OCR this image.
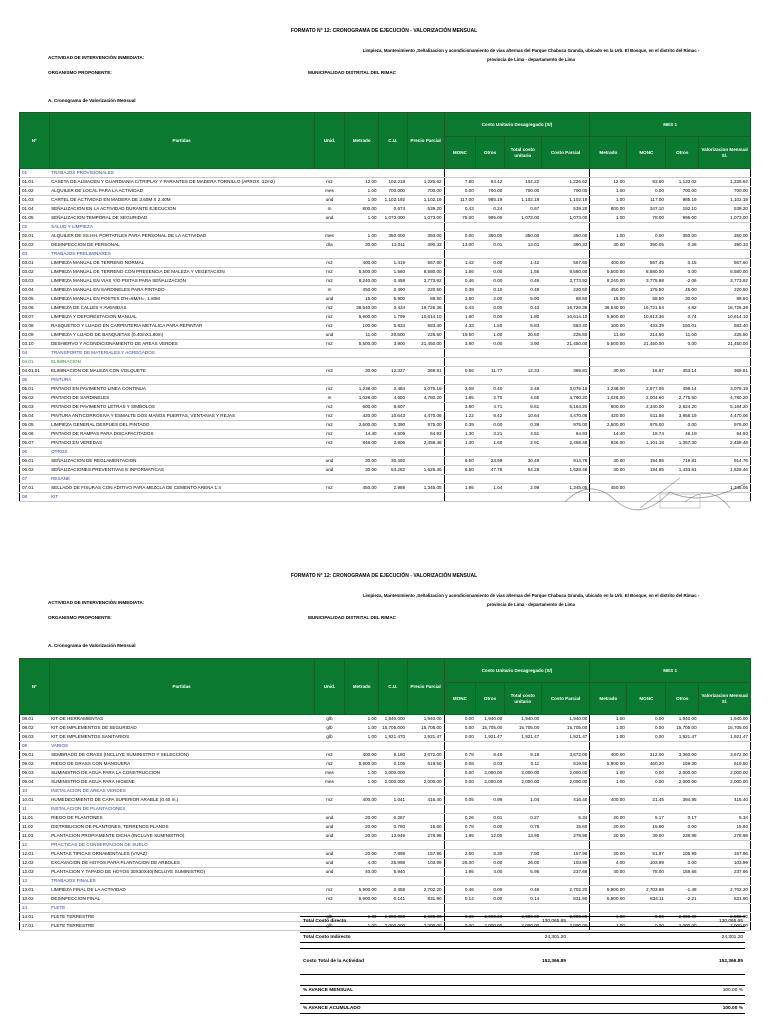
FORMATO N° 12: CRONOGRAMA DE EJECUCIÓN - VALORIZACIÓN MENSUAL
Limpieza, Mantenimiento ,Señalizacion y acondicionamiento de vias alternas del Parque Chabuca Granda, ubicado en la Urb. El Bosque, en el distrito del Rimac -
provincia de Lima - departamento de Lima
ACTIVIDAD DE INTERVENCIÓN INMEDIATA:
ORGANISMO PROPONENTE:	MUNICIPALIDAD DISTRITAL DEL RIMAC
A. Cronograma de Valorización Mensual
N°	Partidas	Unid.	Metrado	C.U.	Precio Parcial	Costo Unitario Desagregado (S/)				MES 1			
						MONC	Otros	Total costo unitario	Costo Parcial	Metrado	MONC	Otros	Valorizacion Mensual S/.
01	TRABAJOS PROVISIONALES												
01.01	CASETA DE ALMACEN Y GUARDIANIA C/TRIPLAY Y PARANTES DE MADERA TORNILLO (APROX. 12m2)	m2	12.00	102.218	1,226.62	7.80	94.42	102.22	1,226.62	12.00	93.60	1,133.02	1,226.62
01.02	ALQUILER DE LOCAL PARA LA ACTIVIDAD	mes	1.00	700.000	700.00	0.00	700.00	700.00	700.00	1.00	0.00	700.00	700.00
01.03	CARTEL DE ACTIVIDAD EN MADERA DE 3.60M X 2.40M	und	1.00	1,102.192	1,102.19	117.00	985.19	1,102.19	1,102.19	1.00	117.00	985.19	1,102.19
01.04	SEÑALIZACION EN LA ACTIVIDAD DURANTE EJECUCION	m	800.00	0.674	539.20	0.43	0.24	0.67	539.20	800.00	347.10	192.10	539.20
01.05	SEÑALIZACION TEMPORAL DE SEGURIDAD	und	1.00	1,073.000	1,073.00	78.00	995.00	1,073.00	1,073.00	1.00	78.00	995.00	1,073.00
02	SALUD Y LIMPIEZA												
02.01	ALQUILER DE SS.HH. PORTATILES PARA PERSONAL DE LA ACTIVIDAD	mes	1.00	350.000	350.00	0.00	350.00	350.00	350.00	1.00	0.00	350.00	350.00
02.02	DESINFECCION DE PERSONAL	día	30.00	13.011	390.33	13.00	0.01	13.01	390.33	30.00	390.05	0.28	390.33
03	TRABAJOS PRELIMINARES												
03.01	LIMPIEZA MANUAL DE TERRENO NORMAL	m2	400.00	1.419	567.60	1.42	0.00	1.42	567.60	400.00	567.45	0.15	567.60
03.02	LIMPIEZA MANUAL DE TERRENO CON PRESENCIA DE MALEZA Y VEGETACION	m2	5,500.00	1.560	8,580.00	1.56	0.00	1.56	8,580.00	5,500.00	8,580.00	0.00	8,580.00
03.03	LIMPIEZA MANUAL EN VIAS Y/O PISTAS PARA SEÑALIZACION	m2	8,240.00	0.458	3,773.92	0.46	0.00	0.46	3,773.92	8,240.00	3,775.98	-2.06	3,773.92
03.04	LIMPIEZA MANUAL EN SARDINELES PARA PINTADO	m	450.00	0.490	220.50	0.39	0.10	0.49	220.50	450.00	175.50	45.00	220.50
03.05	LIMPIEZA MANUAL EN POSTES D'H=8M/H=, 1.80M	und	15.00	5.900	88.50	3.90	2.00	5.90	88.50	15.00	58.50	30.00	88.50
03.06	LIMPIEZA DE CALLES Y AVENIDAS	m2	38,540.00	0.434	16,726.36	0.43	0.00	0.43	16,726.36	38,540.00	16,721.54	4.82	16,726.36
03.07	LIMPIEZA Y DEFORESTACION MANUAL	m2	5,900.00	1.799	10,614.10	1.80	0.00	1.80	10,614.10	5,900.00	10,613.36	0.74	10,614.10
03.08	RASQUETEO Y LIJADO EN CARPINTERIA METÁLICA PARA REPINTAR	m2	100.00	5.834	583.40	4.33	1.50	5.83	583.40	100.00	433.39	150.01	583.40
03.09	LIMPIEZA Y LIJADO DE BANQUETAS (0.40mX1.80m)	und	11.00	20.500	225.50	19.50	1.00	20.50	225.50	11.00	214.50	11.00	225.50
03.10	DESHIERVO Y ACONDICIONAMIENTO DE AREAS VERDES	m2	5,500.00	3.900	21,450.00	3.90	0.00	3.90	21,450.00	5,500.00	21,450.00	0.00	21,450.00
04	TRANSPORTE DE MATERIALES Y AGREGADOS												
04.01	ELIMINACION												
04.01.01	ELIMINACION DE MALEZA CON VOLQUETE	m3	30.00	12.327	369.81	0.56	11.77	12.33	369.81	30.00	16.67	353.14	369.81
05	PINTURA												
05.01	PINTADO EN PAVIMENTO LINEA CONTINUA	m2	1,238.00	2.484	3,075.19	2.08	0.40	2.48	3,075.19	1,238.00	2,577.05	498.14	3,075.19
05.02	PINTADO DE SARDINELES	m	1,028.00	4.650	4,780.20	1.95	2.70	4.65	4,780.20	1,028.00	2,004.60	2,775.60	4,780.20
05.03	PINTADO DE PAVIMENTO LETRAS Y SIMBOLOS	m2	600.00	8.607		3.90	4.71	8.61	5,164.20	600.00	2,340.00	2,824.20	5,164.20
05.04	PINTURA ANTICORROSIVA Y ESMALTE DOS MANOS PUERTAS, VENTANAS Y REJAS	m2	420.00	10.643	4,470.06	1.22	9.42	10.64	4,470.06	420.00	511.88	3,958.19	4,470.06
05.05	LIMPIEZA GENERAL DESPUES DEL PINTADO	m2	2,500.00	0.390	975.00	0.39	0.00	0.39	975.00	2,500.00	975.00	0.00	975.00
05.06	PINTADO DE RAMPAS PARA DISCAPACITADOS	m2	14.40	4.509	64.93	1.30	3.21	4.51	64.93	14.40	18.74	46.19	64.93
05.07	PINTADO EN VEREDAS	m2	846.00	2.906	2,458.48	1.30	1.60	2.91	2,458.48	846.00	1,101.18	1,357.30	2,458.48
06	OTROS												
06.01	SEÑALIZACION DE REGLAMENTACION	und	30.00	30.492		6.50	23.99	30.49	914.76	30.00	194.95	719.81	914.76
06.02	SEÑALIZACIONES PREVENTIVAS E INFORMATICAS	und	30.00	54.282	1,628.46	6.50	47.78	54.28	1,628.46	30.00	194.95	1,433.51	1,628.46
07	RESANE												
07.01	SELLADO DE FISURAS CON ADITIVO PARA MEZCLA DE CEMENTO ARENA 1:4	m2	450.00	2.989	1,345.05	1.95	1.04	2.99	1,345.05	450.00			1,345.05
08	KIT												
FORMATO N° 12: CRONOGRAMA DE EJECUCIÓN - VALORIZACIÓN MENSUAL
Limpieza, Mantenimiento ,Señalizacion y acondicionamiento de vias alternas del Parque Chabuca Granda, ubicado en la Urb. El Bosque, en el distrito del Rimac -
provincia de Lima - departamento de Lima
ACTIVIDAD DE INTERVENCIÓN INMEDIATA:
ORGANISMO PROPONENTE:	MUNICIPALIDAD DISTRITAL DEL RIMAC
A. Cronograma de Valorización Mensual
N°	Partidas	Unid.	Metrado	C.U.	Precio Parcial	Costo Unitario Desagregado (S/)				MES 1			
						MONC	Otros	Total costo unitario	Costo Parcial	Metrado	MONC	Otros	Valorizacion Mensual S/.
08.01	KIT DE HERRAMIENTAS	glb	1.00	1,940.000	1,940.00	0.00	1,940.00	1,940.00	1,940.00	1.00	0.00	1,940.00	1,940.00
08.02	KIT DE IMPLEMENTOS DE SEGURIDAD	glb	1.00	15,705.000	15,705.00	0.00	15,705.00	15,705.00	15,705.00	1.00	0.00	15,705.00	15,705.00
08.03	KIT DE IMPLEMENTOS SANITARIOS	glb	1.00	1,921.470	1,921.47	0.00	1,921.47	1,921.47	1,921.47	1.00	0.00	1,921.47	1,921.47
09	VARIOS												
09.01	SEMBRADO DE GRASS (INCLUYE SUMINISTRO Y SELECCION)	m2	400.00	9.180	3,672.00	0.78	8.40	9.18	3,672.00	400.00	312.00	3,360.00	3,672.00
09.02	RIEGO DE GRASS CON MANGUERA	m2	5,900.00	0.105	619.50	0.08	0.03	0.11	619.50	5,900.00	460.20	159.30	619.50
09.03	SUMINISTRO DE AGUA PARA LA CONSTRUCCION	mes	1.00	2,000.000		0.00	2,000.00	2,000.00	2,000.00	1.00	0.00	2,000.00	2,000.00
09.04	SUMINISTRO DE AGUA PARA HIGIENE	mes	1.00	2,000.000	2,000.00	0.00	2,000.00	2,000.00	2,000.00	1.00	0.00	2,000.00	2,000.00
10	INSTALACION DE AREAS VERDES												
10.01	HUMEDECIMIENTO DE CAPA SUPERIOR ARABLE (0.40 m.)	m2	400.00	1.041	416.40	0.05	0.99	1.04	416.40	400.00	21.45	394.95	416.40
11	INSTALACION DE PLANTACIONES												
11.01	RIEGO DE PLANTONES	und	20.00	0.267		0.26	0.01	0.27	5.34	20.00	5.17	0.17	5.34
11.02	DISTRIBUCION DE PLANTONES, TERRENOS PLANOS	und	20.00	0.780	15.60	0.78	0.00	0.78	15.60	20.00	15.60	0.00	15.60
11.03	PLANTACION PROPIAMENTE DICHA (INCLUYE SUMINISTRO)	und	20.00	13.949	278.98	1.95	12.00	13.95	278.98	20.00	39.00	239.98	278.98
12	PRACTICAS DE CONSERVACION DE SUELO												
12.01	PLANTAS TIPICAS ORNAMENTALES (VIVAZ)	und	20.00	7.898	157.96	2.60	5.30	7.90	157.96	20.00	51.97	105.99	157.96
12.02	EXCAVACION DE HOYOS PARA PLANTACION DE ARBOLES	und	4.00	25.998	103.99	26.00	0.00	26.00	103.99	4.00	103.99	0.00	103.99
12.03	PLANTACION Y TAPADO DE HOYOS 30X30X40(INCLUYE SUMINISTRO)	und	40.00	5.940		1.95	4.00	5.95	237.66	40.00	78.00	159.66	237.66
13	TRABAJOS FINALES												
13.01	LIMPIEZA FINAL DE LA ACTIVIDAD	m2	5,900.00	0.458	2,702.20	0.46	0.00	0.46	2,702.20	5,900.00	2,703.68	-1.48	2,702.20
13.02	DESINFECCION FINAL	m2	5,900.00	0.141	831.90	0.14	0.00	0.14	831.90	5,900.00	834.11	-2.21	831.90
14	FLETE												
14.01	FLETE TERRESTRE	glb	1.00	2,000.000	2,000.00	0.00	2,000.00	2,000.00	2,000.00	1.00	0.00	2,000.00	2,000.00
17.01	FLETE TERRESTRE	glb	1.00	2,000.000	2,000.00	0.00	2,000.00	2,000.00	2,000.00	1.00	0.00	2,000.00	2,000.00
Total Costo directo	130,065.65	130,065.65
Total Costo Indirecto	24,301.20	24,301.20
Costo Total de la Actividad	152,366.85	152,366.85
% AVANCE MENSUAL	100.00 %
% AVANCE ACUMULADO	100.00 %
